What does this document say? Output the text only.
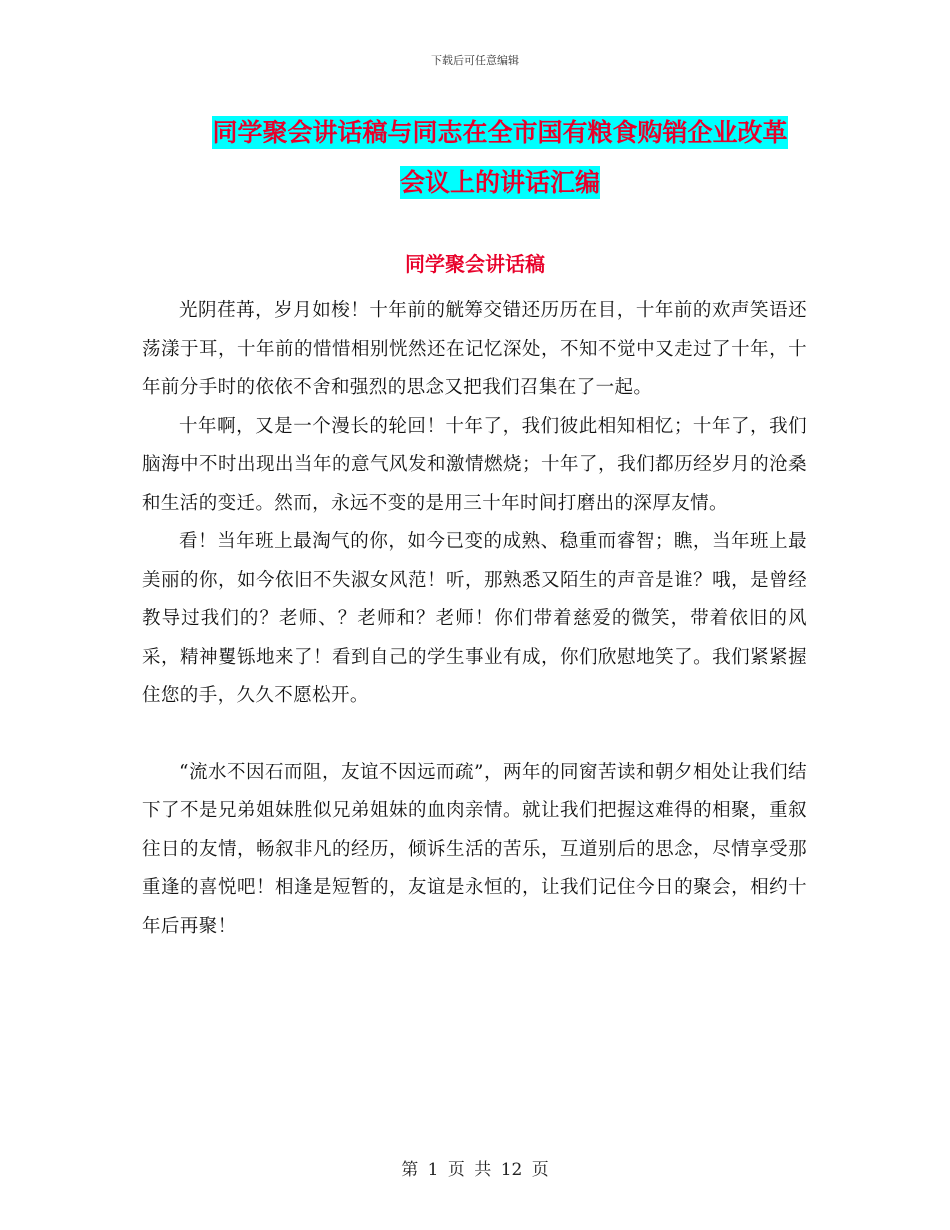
下载后可任意编辑
同学聚会讲话稿与同志在全市国有粮食购销企业改革
会议上的讲话汇编
同学聚会讲话稿

光阴荏苒，岁月如梭！十年前的觥筹交错还历历在目，十年前的欢声笑语还荡漾于耳，十年前的惜惜相别恍然还在记忆深处，不知不觉中又走过了十年，十年前分手时的依依不舍和强烈的思念又把我们召集在了一起。

十年啊，又是一个漫长的轮回！十年了，我们彼此相知相忆；十年了，我们脑海中不时出现出当年的意气风发和激情燃烧；十年了，我们都历经岁月的沧桑和生活的变迁。然而，永远不变的是用三十年时间打磨出的深厚友情。

看！当年班上最淘气的你，如今已变的成熟、稳重而睿智；瞧，当年班上最美丽的你，如今依旧不失淑女风范！听，那熟悉又陌生的声音是谁？哦，是曾经教导过我们的？老师、？老师和？老师！你们带着慈爱的微笑，带着依旧的风采，精神矍铄地来了！看到自己的学生事业有成，你们欣慰地笑了。我们紧紧握住您的手，久久不愿松开。

“流水不因石而阻，友谊不因远而疏”，两年的同窗苦读和朝夕相处让我们结下了不是兄弟姐妹胜似兄弟姐妹的血肉亲情。就让我们把握这难得的相聚，重叙往日的友情，畅叙非凡的经历，倾诉生活的苦乐，互道别后的思念，尽情享受那重逢的喜悦吧！相逢是短暂的，友谊是永恒的，让我们记住今日的聚会，相约十年后再聚！

第 1 页 共 12 页
